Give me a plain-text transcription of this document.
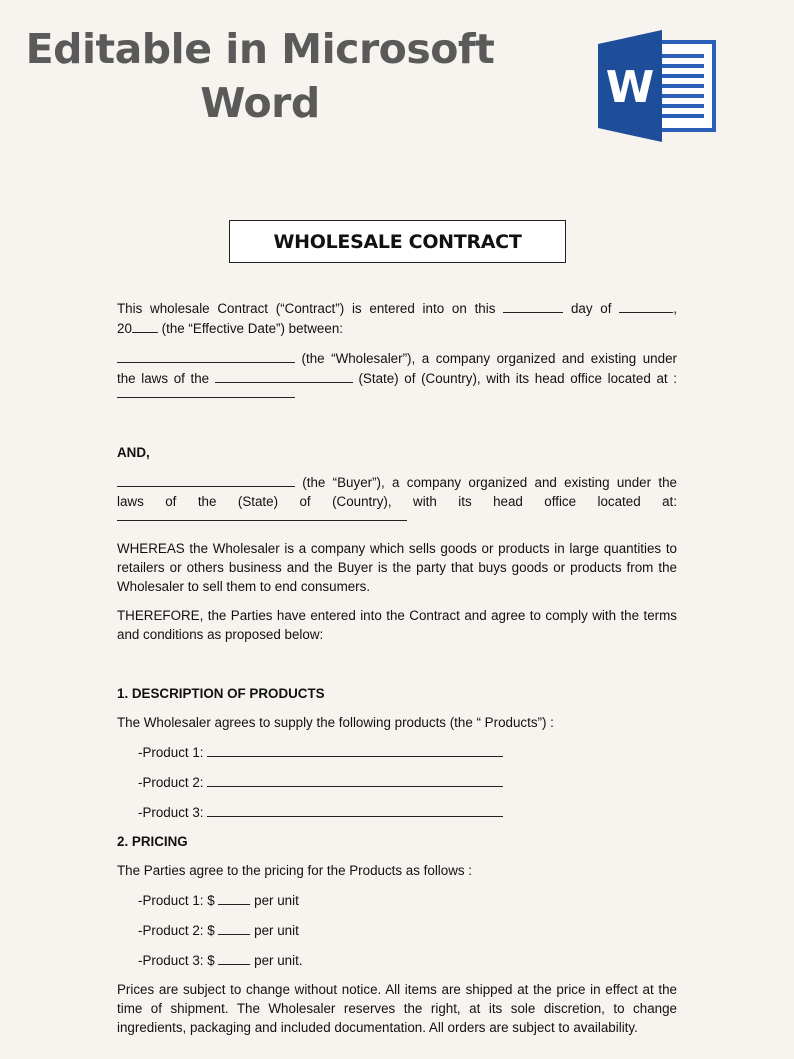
Editable in Microsoft
Word	W
WHOLESALE CONTRACT
This wholesale Contract (“Contract”) is entered into on this	day of	,
20 (the “Effective Date”) between:
(the “Wholesaler”), a company organized and existing under
the laws of the	(State) of (Country), with its head office located at :
AND,
(the “Buyer”), a company organized and existing under the
laws of the (State) of (Country), with its head office located at:

WHEREAS the Wholesaler is a company which sells goods or products in large quantities to retailers or others business and the Buyer is the party that buys goods or products from the Wholesaler to sell them to end consumers.

THEREFORE, the Parties have entered into the Contract and agree to comply with the terms and conditions as proposed below:

1. DESCRIPTION OF PRODUCTS
The Wholesaler agrees to supply the following products (the “ Products”) :
-Product 1:
-Product 2:
-Product 3:
2. PRICING
The Parties agree to the pricing for the Products as follows :
-Product 1: $	per unit
-Product 2: $	per unit
-Product 3: $	per unit.

Prices are subject to change without notice. All items are shipped at the price in effect at the time of shipment. The Wholesaler reserves the right, at its sole discretion, to change ingredients, packaging and included documentation. All orders are subject to availability.
